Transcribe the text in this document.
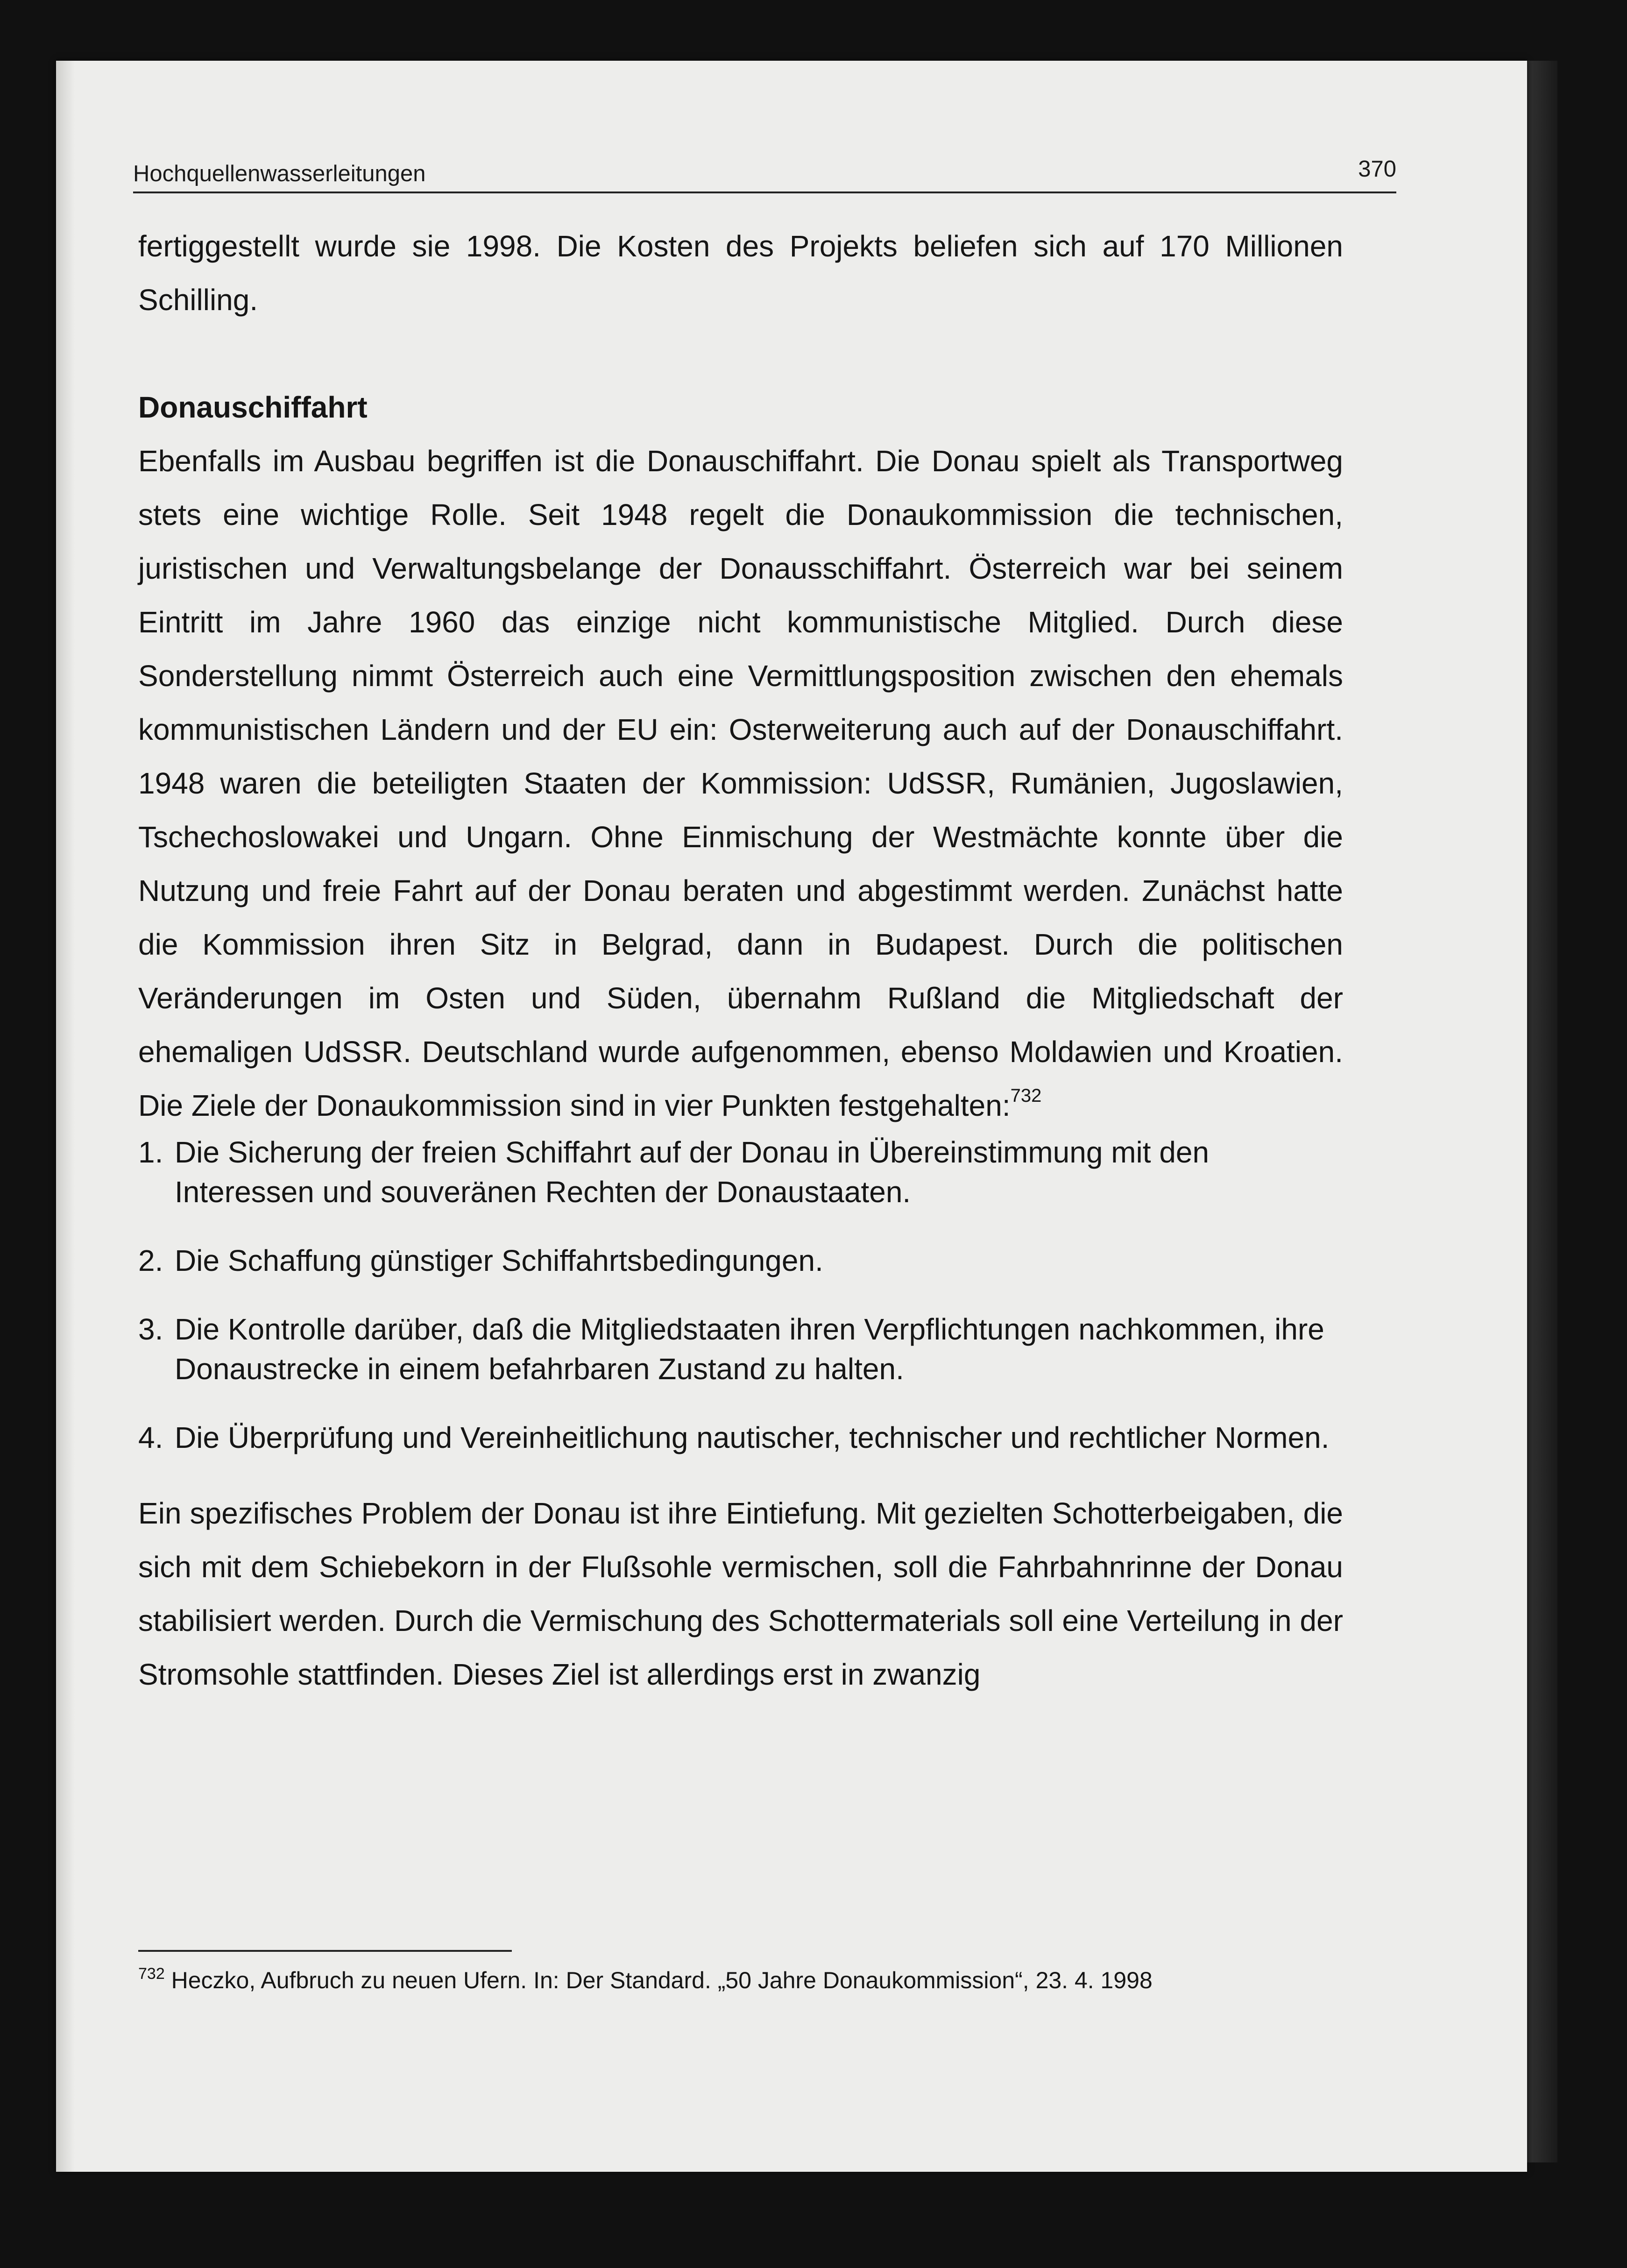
Hochquellenwasserleitungen	370

fertiggestellt wurde sie 1998. Die Kosten des Projekts beliefen sich auf 170 Millionen Schilling.

Donauschiffahrt

Ebenfalls im Ausbau begriffen ist die Donauschiffahrt. Die Donau spielt als Transportweg stets eine wichtige Rolle. Seit 1948 regelt die Donaukommission die technischen, juristischen und Verwaltungsbelange der Donausschiffahrt. Österreich war bei seinem Eintritt im Jahre 1960 das einzige nicht kommunistische Mitglied. Durch diese Sonderstellung nimmt Österreich auch eine Vermittlungsposition zwischen den ehemals kommunistischen Ländern und der EU ein: Osterweiterung auch auf der Donauschiffahrt. 1948 waren die beteiligten Staaten der Kommission: UdSSR, Rumänien, Jugoslawien, Tschechoslowakei und Ungarn. Ohne Einmischung der Westmächte konnte über die Nutzung und freie Fahrt auf der Donau beraten und abgestimmt werden. Zunächst hatte die Kommission ihren Sitz in Belgrad, dann in Budapest. Durch die politischen Veränderungen im Osten und Süden, übernahm Rußland die Mitgliedschaft der ehemaligen UdSSR. Deutschland wurde aufgenommen, ebenso Moldawien und Kroatien. Die Ziele der Donaukommission sind in vier Punkten festgehalten:$^{732}$

1. Die Sicherung der freien Schiffahrt auf der Donau in Übereinstimmung mit den Interessen und souveränen Rechten der Donaustaaten.
2. Die Schaffung günstiger Schiffahrtsbedingungen.
3. Die Kontrolle darüber, daß die Mitgliedstaaten ihren Verpflichtungen nachkommen, ihre Donaustrecke in einem befahrbaren Zustand zu halten.
4. Die Überprüfung und Vereinheitlichung nautischer, technischer und rechtlicher Normen.

Ein spezifisches Problem der Donau ist ihre Eintiefung. Mit gezielten Schotterbeigaben, die sich mit dem Schiebekorn in der Flußsohle vermischen, soll die Fahrbahnrinne der Donau stabilisiert werden. Durch die Vermischung des Schottermaterials soll eine Verteilung in der Stromsohle stattfinden. Dieses Ziel ist allerdings erst in zwanzig

$^{732}$ Heczko, Aufbruch zu neuen Ufern. In: Der Standard. „50 Jahre Donaukommission“, 23. 4. 1998
